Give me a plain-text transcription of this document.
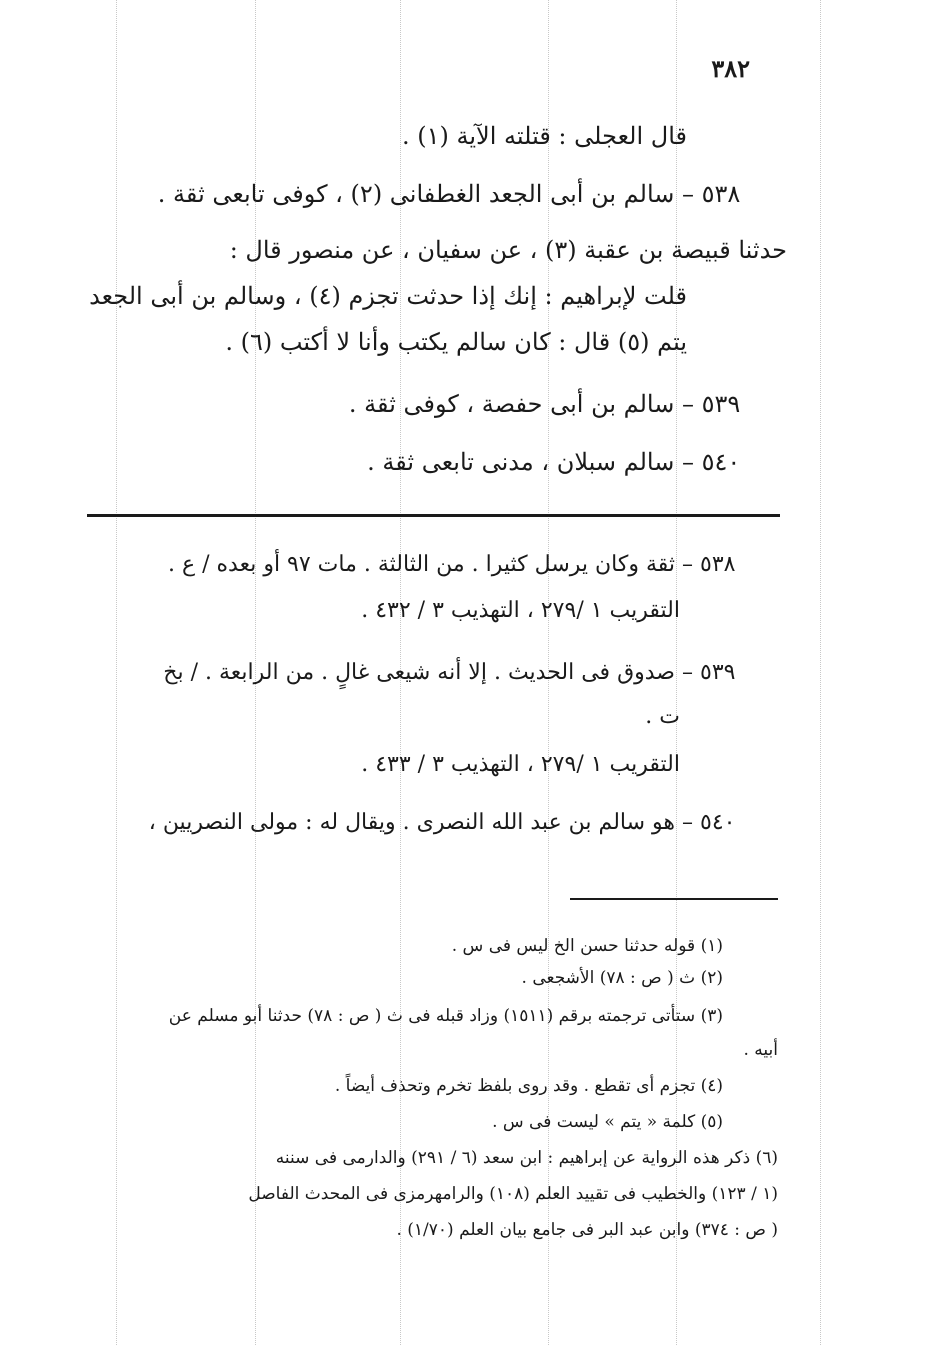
٣٨٢
قال العجلى : قتلته الآية (١) .
٥٣٨ – سالم بن أبى الجعد الغطفانى (٢) ، كوفى تابعى ثقة .
حدثنا قبيصة بن عقبة (٣) ، عن سفيان ، عن منصور قال :
قلت لإبراهيم : إنك إذا حدثت تجزم (٤) ، وسالم بن أبى الجعد
يتم (٥) قال : كان سالم يكتب وأنا لا أكتب (٦) .
٥٣٩ – سالم بن أبى حفصة ، كوفى ثقة .
٥٤٠ – سالم سبلان ، مدنى تابعى ثقة .
٥٣٨ – ثقة وكان يرسل كثيرا . من الثالثة . مات ٩٧ أو بعده / ع .
التقريب ١ /٢٧٩ ، التهذيب ٣ / ٤٣٢ .
٥٣٩ – صدوق فى الحديث . إلا أنه شيعى غالٍ . من الرابعة . / بخ
ت .
التقريب ١ /٢٧٩ ، التهذيب ٣ / ٤٣٣ .
٥٤٠ – هو سالم بن عبد الله النصرى . ويقال له : مولى النصريين ،
(١) قوله حدثنا حسن الخ ليس فى س .
(٢) ث ( ص : ٧٨) الأشجعى .
(٣) ستأتى ترجمته برقم (١٥١١) وزاد قبله فى ث ( ص : ٧٨) حدثنا أبو مسلم عن
أبيه .
(٤) تجزم أى تقطع . وقد روى بلفظ تخرم وتحذف أيضاً .
(٥) كلمة « يتم » ليست فى س .
(٦) ذكر هذه الرواية عن إبراهيم : ابن سعد (٦ / ٢٩١) والدارمى فى سننه
(١ / ١٢٣) والخطيب فى تقييد العلم (١٠٨) والرامهرمزى فى المحدث الفاصل
( ص : ٣٧٤) وابن عبد البر فى جامع بيان العلم (١/٧٠) .
